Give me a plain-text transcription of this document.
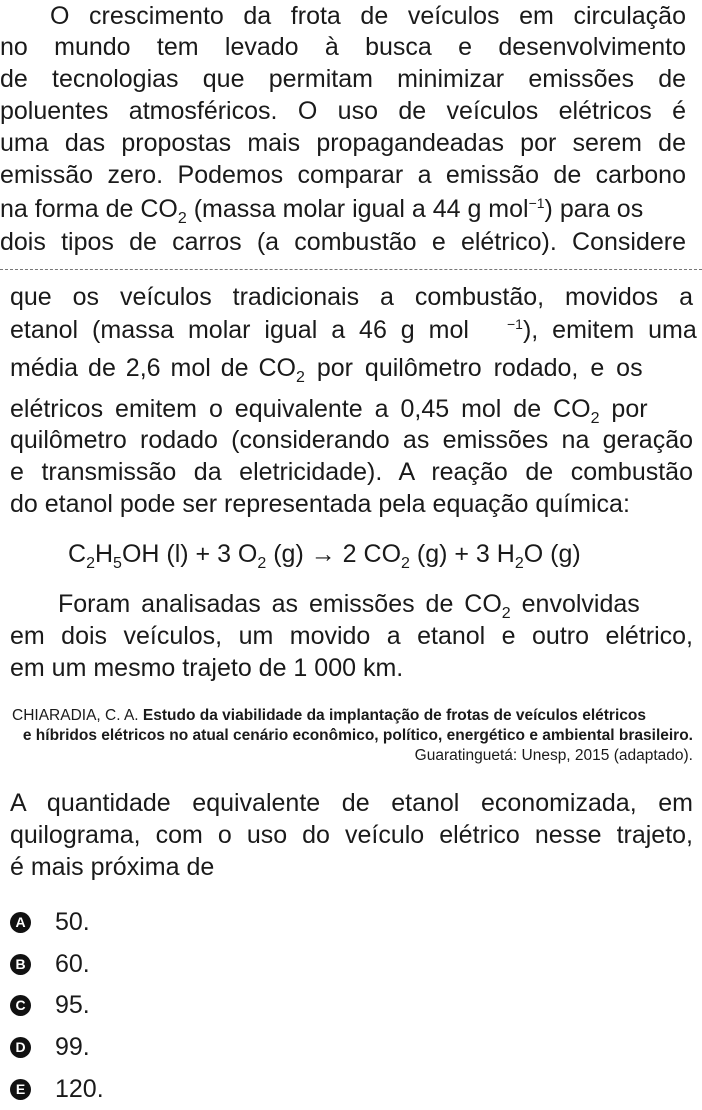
O crescimento da frota de veículos em circulação
no mundo tem levado à busca e desenvolvimento
de tecnologias que permitam minimizar emissões de
poluentes atmosféricos. O uso de veículos elétricos é
uma das propostas mais propagandeadas por serem de
emissão zero. Podemos comparar a emissão de carbono
na forma de $CO_2$ (massa molar igual a 44 g mol$^{-1}$) para os
dois tipos de carros (a combustão e elétrico). Considere
que os veículos tradicionais a combustão, movidos a
etanol (massa molar igual a 46 g mol	$^{-1}$), emitem uma
média de 2,6 mol de $CO_2$ por quilômetro rodado, e os
elétricos emitem o equivalente a 0,45 mol de $CO_2$ por
quilômetro rodado (considerando as emissões na geração
e transmissão da eletricidade). A reação de combustão
do etanol pode ser representada pela equação química:
$C_2H_5OH$ (l) + 3 $O_2$ (g) → 2 $CO_2$ (g) + 3 $H_2O$ (g)
Foram analisadas as emissões de $CO_2$ envolvidas
em dois veículos, um movido a etanol e outro elétrico,
em um mesmo trajeto de 1 000 km.
CHIARADIA, C. A. Estudo da viabilidade da implantação de frotas de veículos elétricos
e híbridos elétricos no atual cenário econômico, político, energético e ambiental brasileiro.
Guaratinguetá: Unesp, 2015 (adaptado).
A quantidade equivalente de etanol economizada, em
quilograma, com o uso do veículo elétrico nesse trajeto,
é mais próxima de
A 50.
B 60.
C 95.
D 99.
E 120.
